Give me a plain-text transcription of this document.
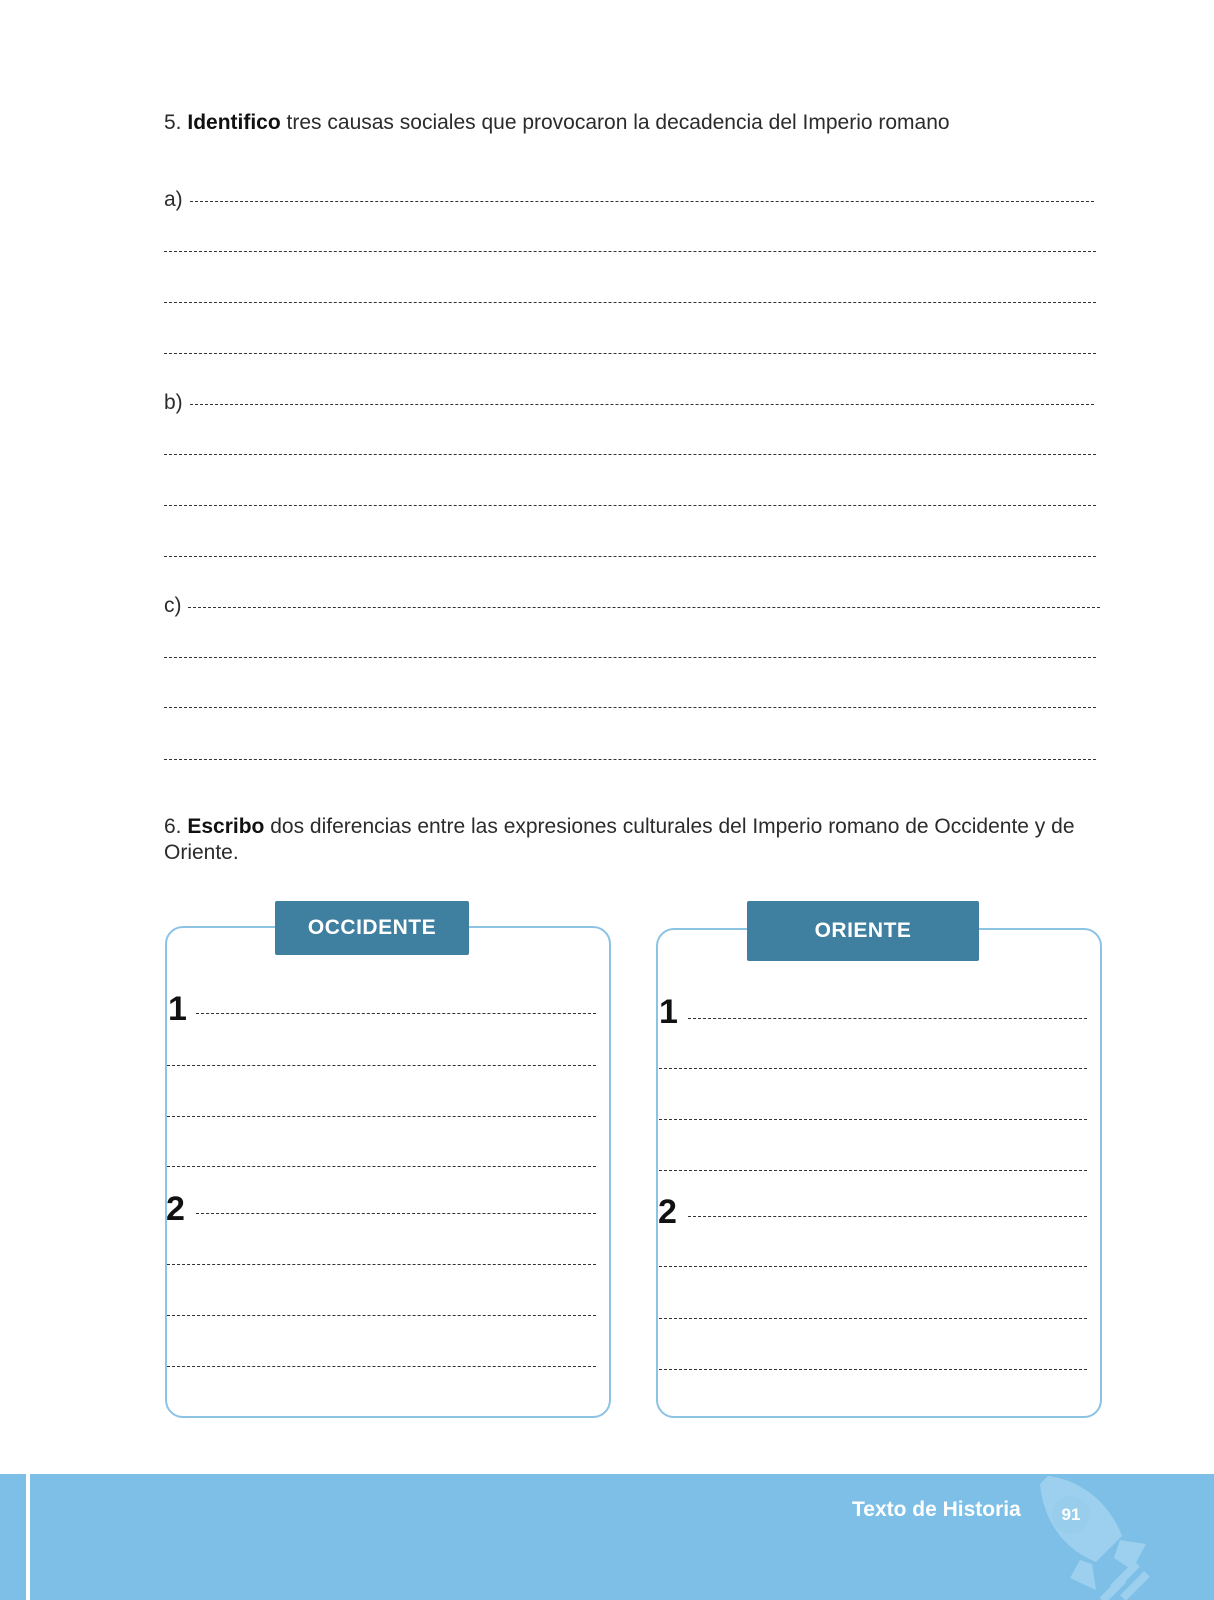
5. Identifico tres causas sociales que provocaron la decadencia del Imperio romano
a)
b)
c)
6. Escribo dos diferencias entre las expresiones culturales del Imperio romano de Occidente y de Oriente.
OCCIDENTE
1
2
ORIENTE
1
2
Texto de Historia	91
